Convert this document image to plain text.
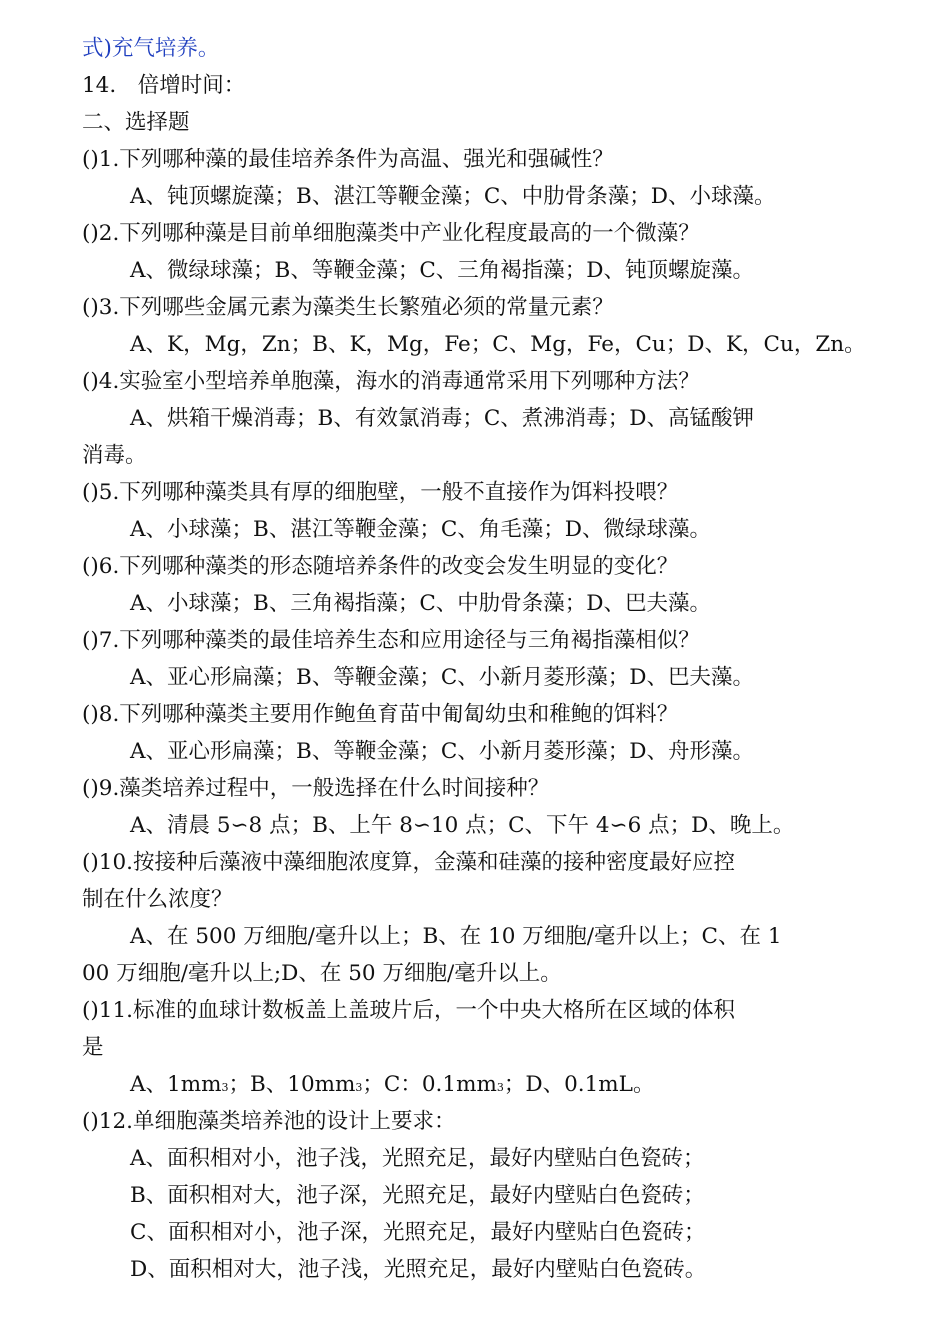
式)充气培养。
14.　倍增时间：
二、选择题
()1.下列哪种藻的最佳培养条件为高温、强光和强碱性？
A、钝顶螺旋藻；B、湛江等鞭金藻；C、中肋骨条藻；D、小球藻。
()2.下列哪种藻是目前单细胞藻类中产业化程度最高的一个微藻？
A、微绿球藻；B、等鞭金藻；C、三角褐指藻；D、钝顶螺旋藻。
()3.下列哪些金属元素为藻类生长繁殖必须的常量元素？
A、K，Mg，Zn；B、K，Mg，Fe；C、Mg，Fe，Cu；D、K，Cu，Zn。
()4.实验室小型培养单胞藻，海水的消毒通常采用下列哪种方法？
A、烘箱干燥消毒；B、有效氯消毒；C、煮沸消毒；D、高锰酸钾
消毒。
()5.下列哪种藻类具有厚的细胞壁，一般不直接作为饵料投喂？
A、小球藻；B、湛江等鞭金藻；C、角毛藻；D、微绿球藻。
()6.下列哪种藻类的形态随培养条件的改变会发生明显的变化？
A、小球藻；B、三角褐指藻；C、中肋骨条藻；D、巴夫藻。
()7.下列哪种藻类的最佳培养生态和应用途径与三角褐指藻相似？
A、亚心形扁藻；B、等鞭金藻；C、小新月菱形藻；D、巴夫藻。
()8.下列哪种藻类主要用作鲍鱼育苗中匍匐幼虫和稚鲍的饵料？
A、亚心形扁藻；B、等鞭金藻；C、小新月菱形藻；D、舟形藻。
()9.藻类培养过程中，一般选择在什么时间接种？
A、清晨 5∽8 点；B、上午 8∽10 点；C、下午 4∽6 点；D、晚上。
()10.按接种后藻液中藻细胞浓度算，金藻和硅藻的接种密度最好应控
制在什么浓度？
A、在 500 万细胞/毫升以上；B、在 10 万细胞/毫升以上；C、在 1
00 万细胞/毫升以上;D、在 50 万细胞/毫升以上。
()11.标准的血球计数板盖上盖玻片后，一个中央大格所在区域的体积
是
A、1mm3；B、10mm3；C：0.1mm3；D、0.1mL。
()12.单细胞藻类培养池的设计上要求：
A、面积相对小，池子浅，光照充足，最好内壁贴白色瓷砖；
B、面积相对大，池子深，光照充足，最好内壁贴白色瓷砖；
C、面积相对小，池子深，光照充足，最好内壁贴白色瓷砖；
D、面积相对大，池子浅，光照充足，最好内壁贴白色瓷砖。
